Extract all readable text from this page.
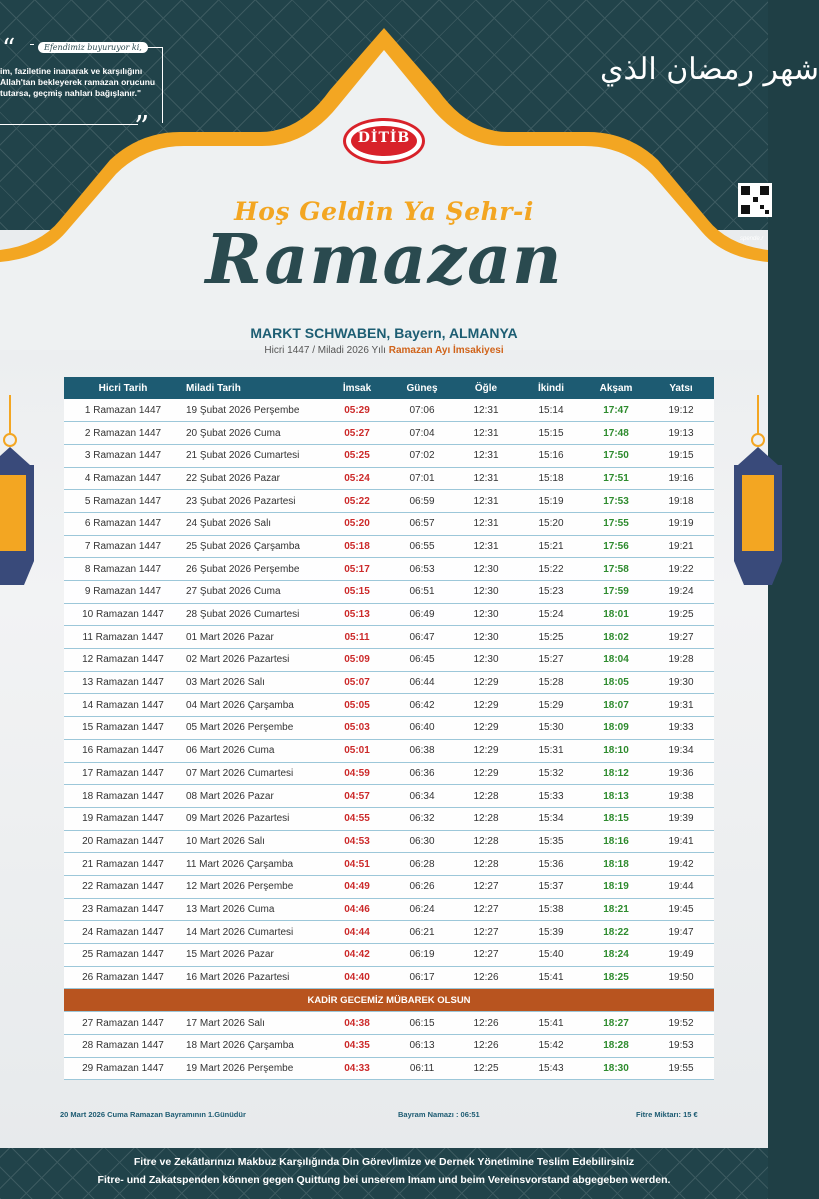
“	Efendimiz buyuruyor ki,
im, faziletine inanarak ve karşılığını Allah'tan bekleyerek ramazan orucunu tutarsa, geçmiş nahları bağışlanır."
”
شهر رمضان الذي
spende.r
DİTİB
Hoş Geldin Ya Şehr-i
Ramazan
MARKT SCHWABEN, Bayern, ALMANYA
Hicri 1447 / Miladi 2026 Yılı Ramazan Ayı İmsakiyesi
Hicri Tarih	Miladi Tarih	İmsak	Güneş	Öğle	İkindi	Akşam	Yatsı
1 Ramazan 1447	19 Şubat 2026 Perşembe	05:29	07:06	12:31	15:14	17:47	19:12
2 Ramazan 1447	20 Şubat 2026 Cuma	05:27	07:04	12:31	15:15	17:48	19:13
3 Ramazan 1447	21 Şubat 2026 Cumartesi	05:25	07:02	12:31	15:16	17:50	19:15
4 Ramazan 1447	22 Şubat 2026 Pazar	05:24	07:01	12:31	15:18	17:51	19:16
5 Ramazan 1447	23 Şubat 2026 Pazartesi	05:22	06:59	12:31	15:19	17:53	19:18
6 Ramazan 1447	24 Şubat 2026 Salı	05:20	06:57	12:31	15:20	17:55	19:19
7 Ramazan 1447	25 Şubat 2026 Çarşamba	05:18	06:55	12:31	15:21	17:56	19:21
8 Ramazan 1447	26 Şubat 2026 Perşembe	05:17	06:53	12:30	15:22	17:58	19:22
9 Ramazan 1447	27 Şubat 2026 Cuma	05:15	06:51	12:30	15:23	17:59	19:24
10 Ramazan 1447	28 Şubat 2026 Cumartesi	05:13	06:49	12:30	15:24	18:01	19:25
11 Ramazan 1447	01 Mart 2026 Pazar	05:11	06:47	12:30	15:25	18:02	19:27
12 Ramazan 1447	02 Mart 2026 Pazartesi	05:09	06:45	12:30	15:27	18:04	19:28
13 Ramazan 1447	03 Mart 2026 Salı	05:07	06:44	12:29	15:28	18:05	19:30
14 Ramazan 1447	04 Mart 2026 Çarşamba	05:05	06:42	12:29	15:29	18:07	19:31
15 Ramazan 1447	05 Mart 2026 Perşembe	05:03	06:40	12:29	15:30	18:09	19:33
16 Ramazan 1447	06 Mart 2026 Cuma	05:01	06:38	12:29	15:31	18:10	19:34
17 Ramazan 1447	07 Mart 2026 Cumartesi	04:59	06:36	12:29	15:32	18:12	19:36
18 Ramazan 1447	08 Mart 2026 Pazar	04:57	06:34	12:28	15:33	18:13	19:38
19 Ramazan 1447	09 Mart 2026 Pazartesi	04:55	06:32	12:28	15:34	18:15	19:39
20 Ramazan 1447	10 Mart 2026 Salı	04:53	06:30	12:28	15:35	18:16	19:41
21 Ramazan 1447	11 Mart 2026 Çarşamba	04:51	06:28	12:28	15:36	18:18	19:42
22 Ramazan 1447	12 Mart 2026 Perşembe	04:49	06:26	12:27	15:37	18:19	19:44
23 Ramazan 1447	13 Mart 2026 Cuma	04:46	06:24	12:27	15:38	18:21	19:45
24 Ramazan 1447	14 Mart 2026 Cumartesi	04:44	06:21	12:27	15:39	18:22	19:47
25 Ramazan 1447	15 Mart 2026 Pazar	04:42	06:19	12:27	15:40	18:24	19:49
26 Ramazan 1447	16 Mart 2026 Pazartesi	04:40	06:17	12:26	15:41	18:25	19:50
KADİR GECEMİZ MÜBAREK OLSUN							
27 Ramazan 1447	17 Mart 2026 Salı	04:38	06:15	12:26	15:41	18:27	19:52
28 Ramazan 1447	18 Mart 2026 Çarşamba	04:35	06:13	12:26	15:42	18:28	19:53
29 Ramazan 1447	19 Mart 2026 Perşembe	04:33	06:11	12:25	15:43	18:30	19:55
20 Mart 2026 Cuma Ramazan Bayramının 1.Günüdür	Bayram Namazı : 06:51	Fitre Miktarı: 15 €
Fitre ve Zekâtlarınızı Makbuz Karşılığında Din Görevlimize ve Dernek Yönetimine Teslim Edebilirsiniz
Fitre- und Zakatspenden können gegen Quittung bei unserem Imam und beim Vereinsvorstand abgegeben werden.
